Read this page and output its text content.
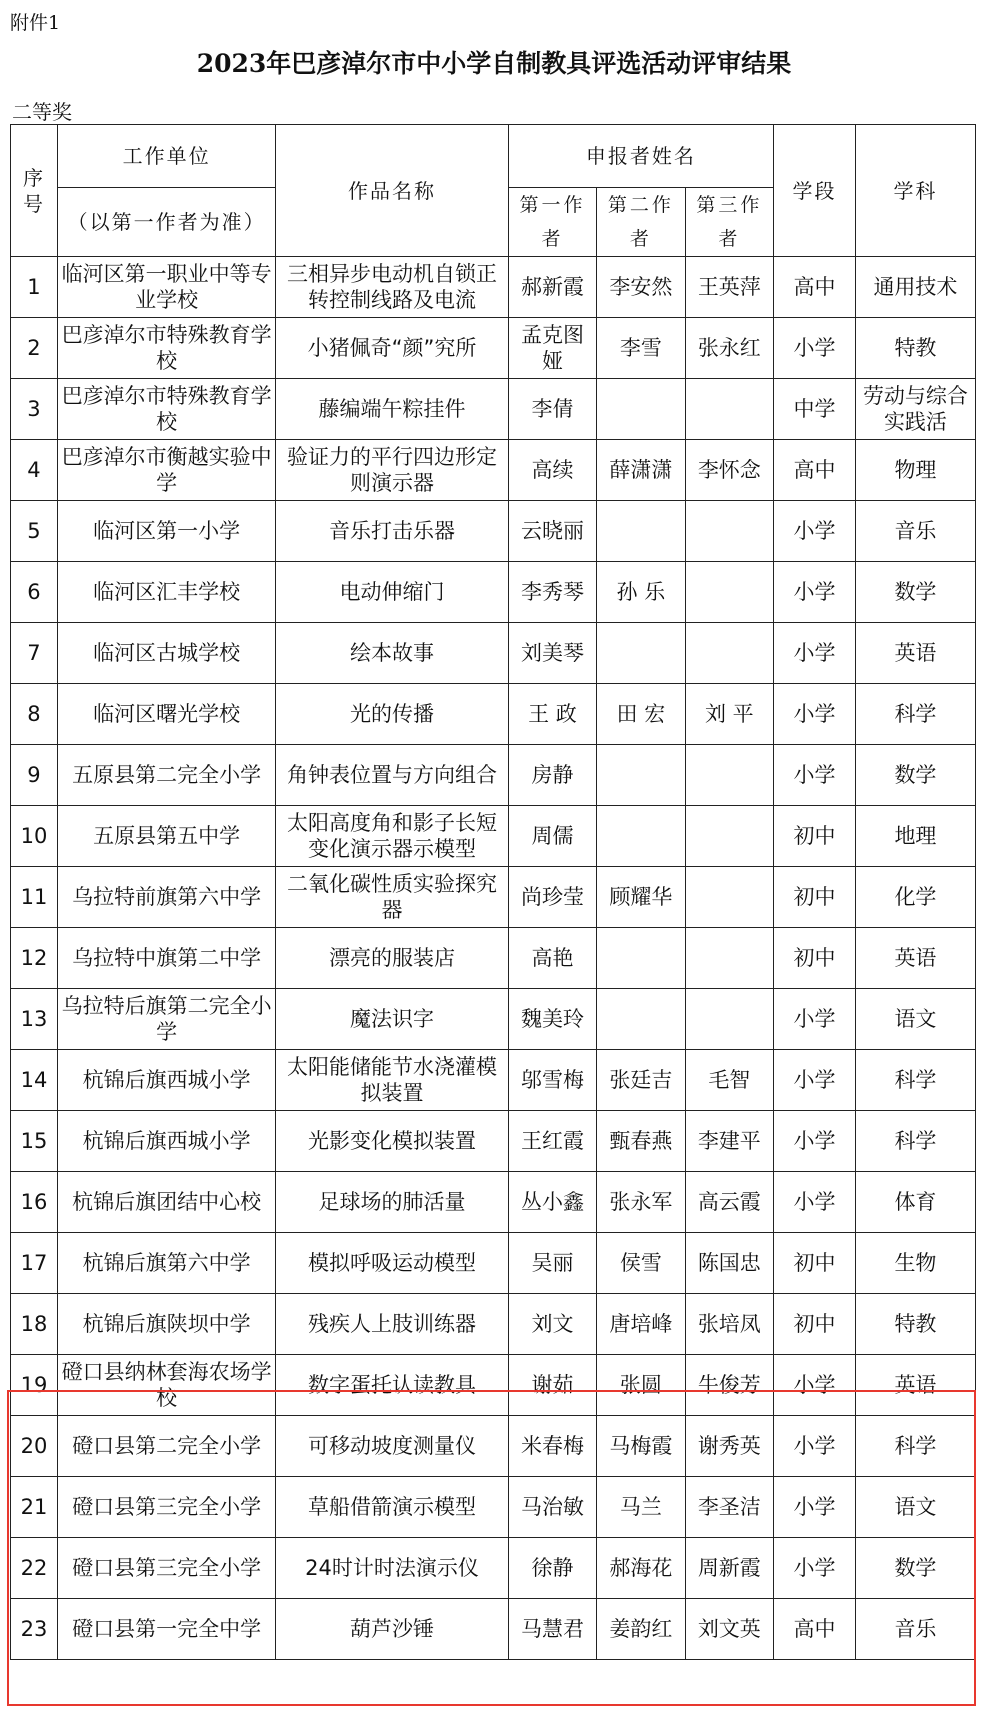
附件1
2023年巴彦淖尔市中小学自制教具评选活动评审结果
二等奖
序号	工作单位	作品名称	申报者姓名			学段	学科
	（以第一作者为准）		第一作者	第二作者	第三作者		
1	临河区第一职业中等专业学校	三相异步电动机自锁正转控制线路及电流	郝新霞	李安然	王英萍	高中	通用技术
2	巴彦淖尔市特殊教育学校	小猪佩奇“颜”究所	孟克图娅	李雪	张永红	小学	特教
3	巴彦淖尔市特殊教育学校	藤编端午粽挂件	李倩			中学	劳动与综合实践活
4	巴彦淖尔市衡越实验中学	验证力的平行四边形定则演示器	高续	薛潇潇	李怀念	高中	物理
5	临河区第一小学	音乐打击乐器	云晓丽			小学	音乐
6	临河区汇丰学校	电动伸缩门	李秀琴	孙 乐		小学	数学
7	临河区古城学校	绘本故事	刘美琴			小学	英语
8	临河区曙光学校	光的传播	王 政	田 宏	刘 平	小学	科学
9	五原县第二完全小学	角钟表位置与方向组合	房静			小学	数学
10	五原县第五中学	太阳高度角和影子长短变化演示器示模型	周儒			初中	地理
11	乌拉特前旗第六中学	二氧化碳性质实验探究器	尚珍莹	顾耀华		初中	化学
12	乌拉特中旗第二中学	漂亮的服装店	高艳			初中	英语
13	乌拉特后旗第二完全小学	魔法识字	魏美玲			小学	语文
14	杭锦后旗西城小学	太阳能储能节水浇灌模拟装置	邬雪梅	张廷吉	毛智	小学	科学
15	杭锦后旗西城小学	光影变化模拟装置	王红霞	甄春燕	李建平	小学	科学
16	杭锦后旗团结中心校	足球场的肺活量	丛小鑫	张永军	高云霞	小学	体育
17	杭锦后旗第六中学	模拟呼吸运动模型	吴丽	侯雪	陈国忠	初中	生物
18	杭锦后旗陕坝中学	残疾人上肢训练器	刘文	唐培峰	张培凤	初中	特教
19	磴口县纳林套海农场学校	数字蛋托认读教具	谢茹	张圆	牛俊芳	小学	英语
20	磴口县第二完全小学	可移动坡度测量仪	米春梅	马梅霞	谢秀英	小学	科学
21	磴口县第三完全小学	草船借箭演示模型	马治敏	马兰	李圣洁	小学	语文
22	磴口县第三完全小学	24时计时法演示仪	徐静	郝海花	周新霞	小学	数学
23	磴口县第一完全中学	葫芦沙锤	马慧君	姜韵红	刘文英	高中	音乐
